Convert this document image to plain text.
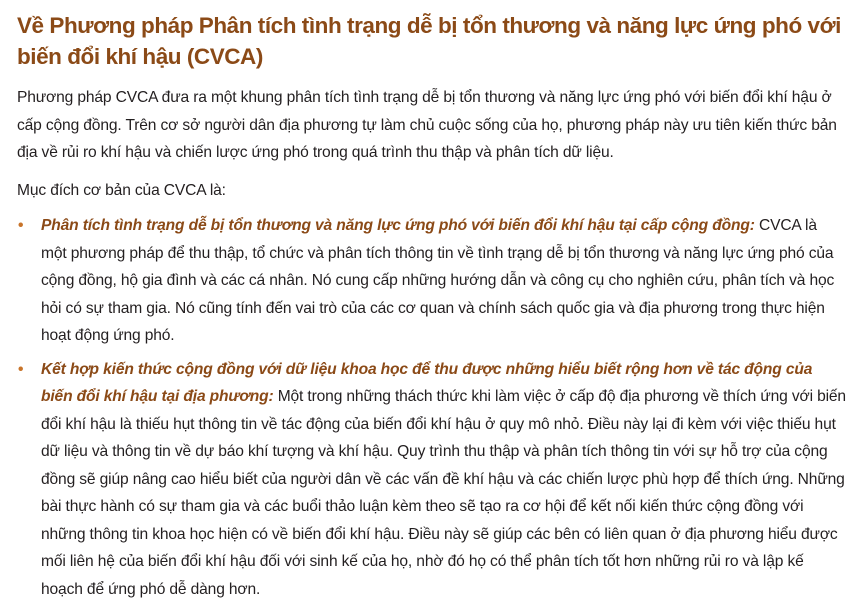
Về Phương pháp Phân tích tình trạng dễ bị tổn thương và năng lực ứng phó với biến đổi khí hậu (CVCA)

Phương pháp CVCA đưa ra một khung phân tích tình trạng dễ bị tổn thương và năng lực ứng phó với biến đổi khí hậu ở cấp cộng đồng. Trên cơ sở người dân địa phương tự làm chủ cuộc sống của họ, phương pháp này ưu tiên kiến thức bản địa về rủi ro khí hậu và chiến lược ứng phó trong quá trình thu thập và phân tích dữ liệu.

Mục đích cơ bản của CVCA là:

• Phân tích tình trạng dễ bị tổn thương và năng lực ứng phó với biến đổi khí hậu tại cấp cộng đồng: CVCA là một phương pháp để thu thập, tổ chức và phân tích thông tin về tình trạng dễ bị tổn thương và năng lực ứng phó của cộng đồng, hộ gia đình và các cá nhân. Nó cung cấp những hướng dẫn và công cụ cho nghiên cứu, phân tích và học hỏi có sự tham gia. Nó cũng tính đến vai trò của các cơ quan và chính sách quốc gia và địa phương trong thực hiện hoạt động ứng phó.
• Kết hợp kiến thức cộng đồng với dữ liệu khoa học để thu được những hiểu biết rộng hơn về tác động của biến đổi khí hậu tại địa phương: Một trong những thách thức khi làm việc ở cấp độ địa phương về thích ứng với biến đổi khí hậu là thiếu hụt thông tin về tác động của biến đổi khí hậu ở quy mô nhỏ. Điều này lại đi kèm với việc thiếu hụt dữ liệu và thông tin về dự báo khí tượng và khí hậu. Quy trình thu thập và phân tích thông tin với sự hỗ trợ của cộng đồng sẽ giúp nâng cao hiểu biết của người dân về các vấn đề khí hậu và các chiến lược phù hợp để thích ứng. Những bài thực hành có sự tham gia và các buổi thảo luận kèm theo sẽ tạo ra cơ hội để kết nối kiến thức cộng đồng với những thông tin khoa học hiện có về biến đổi khí hậu. Điều này sẽ giúp các bên có liên quan ở địa phương hiểu được mối liên hệ của biến đổi khí hậu đối với sinh kế của họ, nhờ đó họ có thể phân tích tốt hơn những rủi ro và lập kế hoạch để ứng phó dễ dàng hơn.
